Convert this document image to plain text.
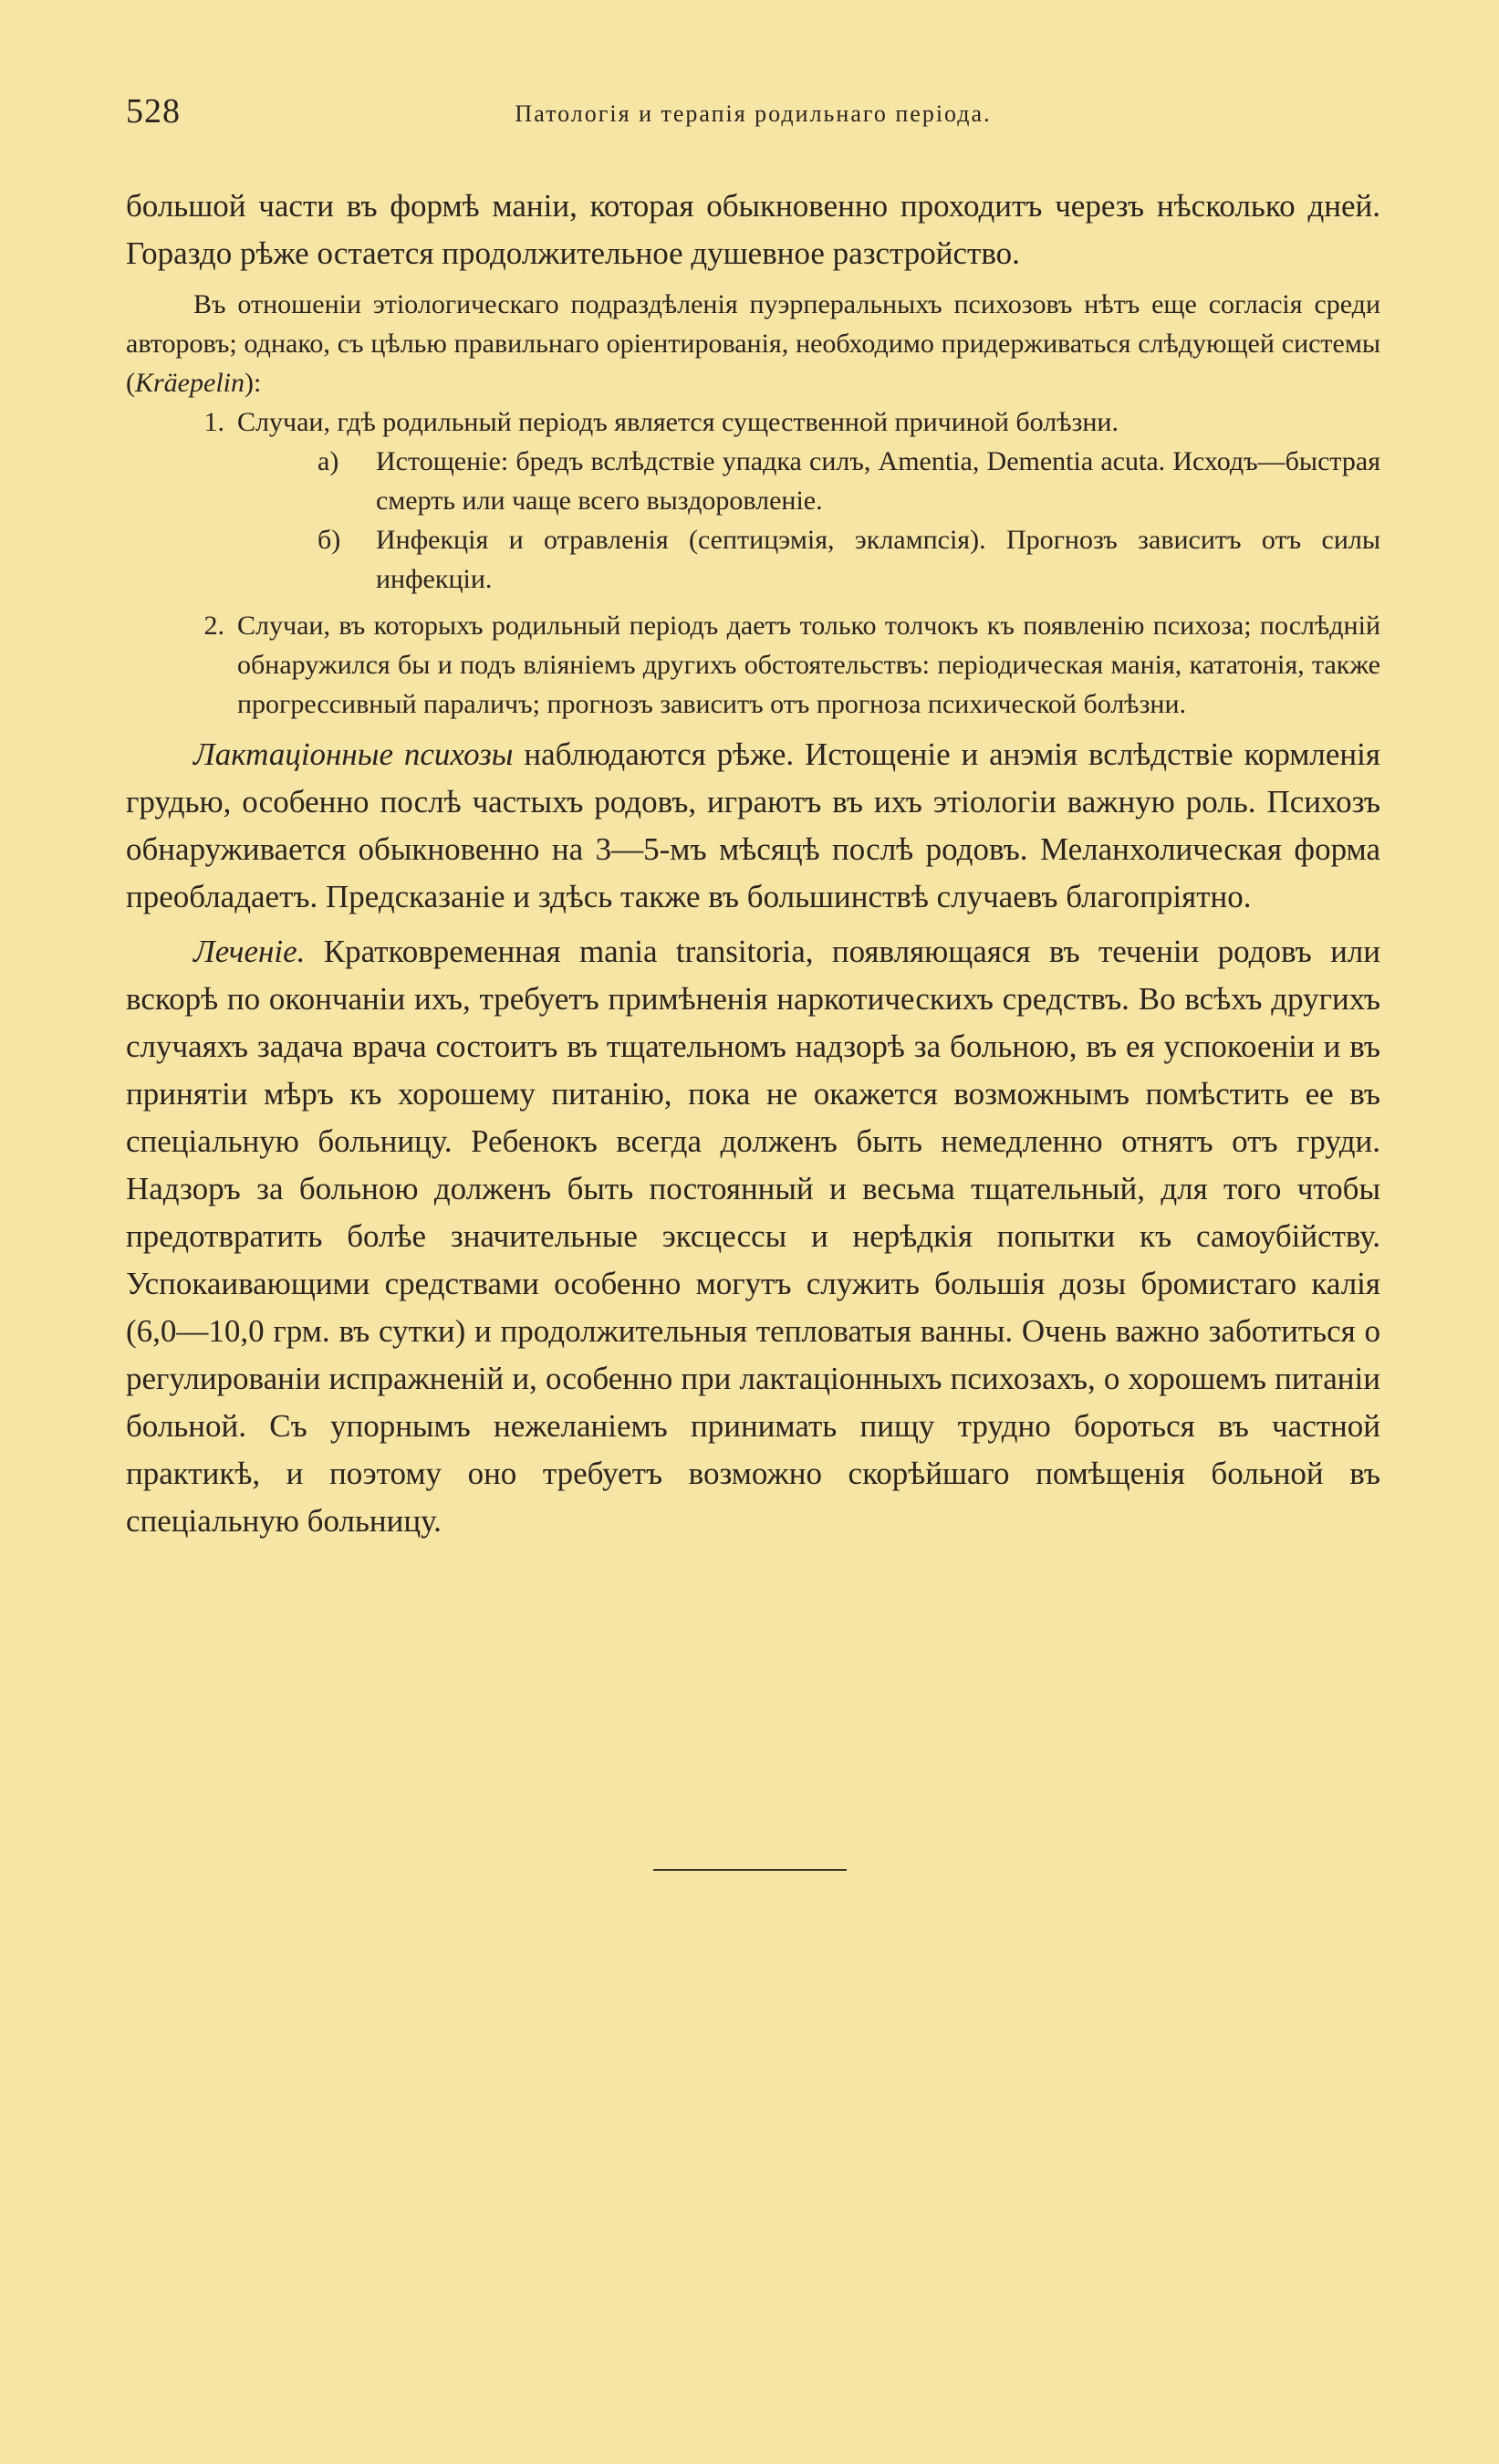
528	Патологія и терапія родильнаго періода.

большой части въ формѣ маніи, которая обыкновенно проходитъ черезъ нѣсколько дней. Гораздо рѣже остается продолжительное душевное разстройство.

Въ отношеніи этіологическаго подраздѣленія пуэрперальныхъ психозовъ нѣтъ еще согласія среди авторовъ; однако, съ цѣлью правильнаго оріентированія, необходимо придерживаться слѣдующей системы (Kräepelin):

1. Случаи, гдѣ родильный періодъ является существенной причиной болѣзни.
а)	Истощеніе: бредъ вслѣдствіе упадка силъ, Amentia, Dementia acuta. Исходъ—быстрая смерть или чаще всего выздоровленіе.
б)	Инфекція и отравленія (септицэмія, эклампсія). Прогнозъ зависитъ отъ силы инфекціи.
2. Случаи, въ которыхъ родильный періодъ даетъ только толчокъ къ появленію психоза; послѣдній обнаружился бы и подъ вліяніемъ другихъ обстоятельствъ: періодическая манія, кататонія, также прогрессивный параличъ; прогнозъ зависитъ отъ прогноза психической болѣзни.

Лактаціонные психозы наблюдаются рѣже. Истощеніе и анэмія вслѣдствіе кормленія грудью, особенно послѣ частыхъ родовъ, играютъ въ ихъ этіологіи важную роль. Психозъ обнаруживается обыкновенно на 3—5-мъ мѣсяцѣ послѣ родовъ. Меланхолическая форма преобладаетъ. Предсказаніе и здѣсь также въ большинствѣ случаевъ благопріятно.

Леченіе. Кратковременная mania transitoria, появляющаяся въ теченіи родовъ или вскорѣ по окончаніи ихъ, требуетъ примѣненія наркотическихъ средствъ. Во всѣхъ другихъ случаяхъ задача врача состоитъ въ тщательномъ надзорѣ за больною, въ ея успокоеніи и въ принятіи мѣръ къ хорошему питанію, пока не окажется возможнымъ помѣстить ее въ спеціальную больницу. Ребенокъ всегда долженъ быть немедленно отнятъ отъ груди. Надзоръ за больною долженъ быть постоянный и весьма тщательный, для того чтобы предотвратить болѣе значительные эксцессы и нерѣдкія попытки къ самоубійству. Успокаивающими средствами особенно могутъ служить большія дозы бромистаго калія (6,0—10,0 грм. въ сутки) и продолжительныя тепловатыя ванны. Очень важно заботиться о регулированіи испражненій и, особенно при лактаціонныхъ психозахъ, о хорошемъ питаніи больной. Съ упорнымъ нежеланіемъ принимать пищу трудно бороться въ частной практикѣ, и поэтому оно требуетъ возможно скорѣйшаго помѣщенія больной въ спеціальную больницу.
